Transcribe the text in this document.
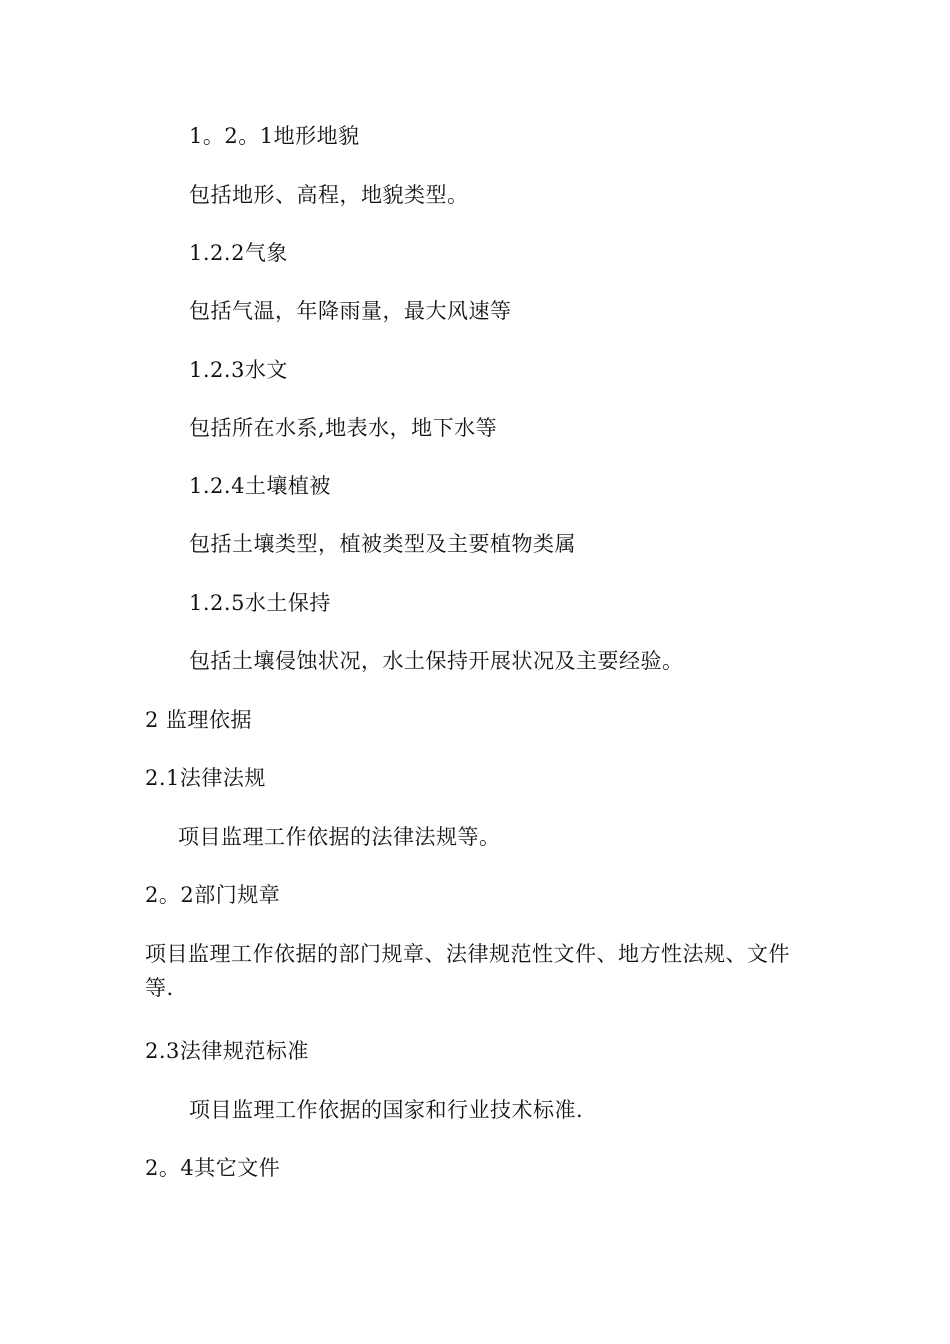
1。2。1地形地貌
包括地形、高程，地貌类型。
1.2.2气象
包括气温，年降雨量，最大风速等
1.2.3水文
包括所在水系,地表水，地下水等
1.2.4土壤植被
包括土壤类型，植被类型及主要植物类属
1.2.5水土保持
包括土壤侵蚀状况，水土保持开展状况及主要经验。
2 监理依据
2.1法律法规
项目监理工作依据的法律法规等。
2。2部门规章
项目监理工作依据的部门规章、法律规范性文件、地方性法规、文件等.
2.3法律规范标准
项目监理工作依据的国家和行业技术标准.
2。4其它文件
